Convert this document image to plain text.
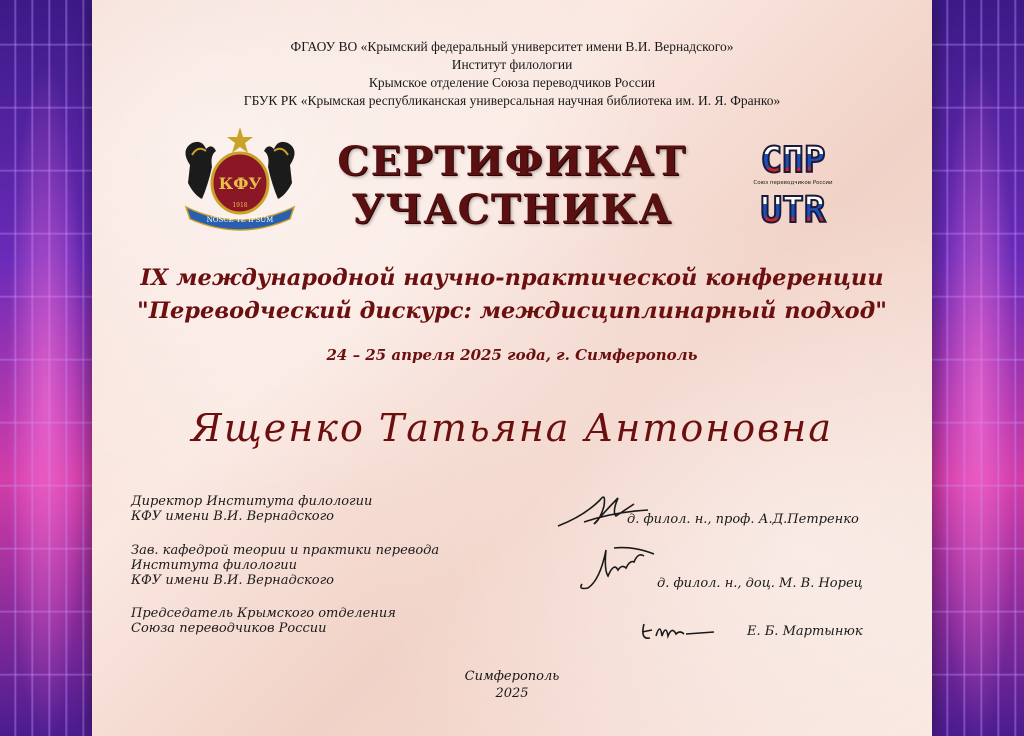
ФГАОУ ВО «Крымский федеральный университет имени В.И. Вернадского»
Институт филологии
Крымское отделение Союза переводчиков России
ГБУК РК «Крымская республиканская универсальная научная библиотека им. И. Я. Франко»
КФУ
1918
NOSCE TE IPSUM
СЕРТИФИКАТ
УЧАСТНИКА
СПР
Союз переводчиков России
UTR
IX международной научно-практической конференции
"Переводческий дискурс: междисциплинарный подход"
24 – 25 апреля 2025 года, г. Симферополь
Ященко Татьяна Антоновна
Директор Института филологии
КФУ имени В.И. Вернадского	д. филол. н., проф. А.Д.Петренко
Зав. кафедрой теории и практики перевода
Института филологии
КФУ имени В.И. Вернадского	д. филол. н., доц. М. В. Норец
Председатель Крымского отделения
Союза переводчиков России	Е. Б. Мартынюк
Симферополь
2025
